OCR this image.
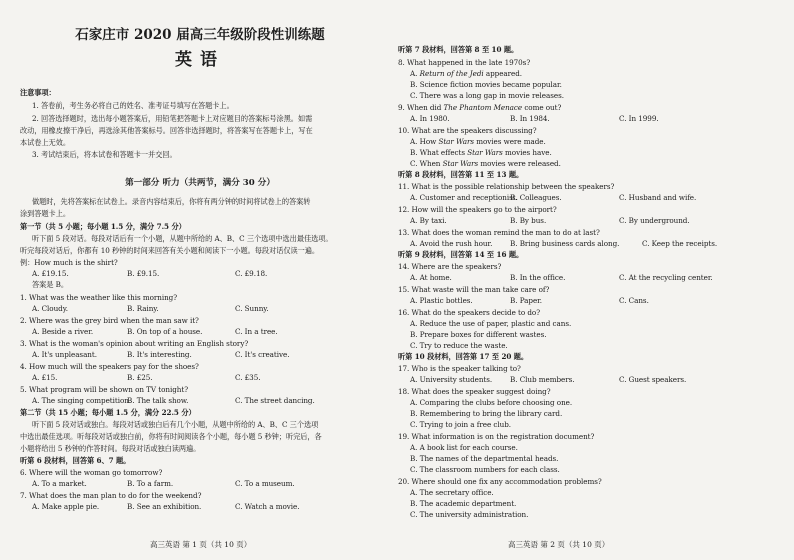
石家庄市 2020 届高三年级阶段性训练题
英语
注意事项：
1. 答卷前，考生务必将自己的姓名、准考证号填写在答题卡上。
2. 回答选择题时，选出每小题答案后，用铅笔把答题卡上对应题目的答案标号涂黑。如需
改动，用橡皮擦干净后，再选涂其他答案标号。回答非选择题时，将答案写在答题卡上，写在
本试卷上无效。
3. 考试结束后，将本试卷和答题卡一并交回。
第一部分 听力（共两节，满分 30 分）
做题时，先将答案标在试卷上。录音内容结束后，你将有两分钟的时间将试卷上的答案转
涂到答题卡上。
第一节（共 5 小题；每小题 1.5 分，满分 7.5 分）
听下面 5 段对话。每段对话后有一个小题，从题中所给的 A、B、C 三个选项中选出最佳选项。
听完每段对话后，你都有 10 秒钟的时间来回答有关小题和阅读下一小题。每段对话仅读一遍。
例：How much is the shirt?
A. £19.15.	B. £9.15.	C. £9.18.
答案是 B。
1. What was the weather like this morning?
A. Cloudy.	B. Rainy.	C. Sunny.
2. Where was the grey bird when the man saw it?
A. Beside a river.	B. On top of a house.	C. In a tree.
3. What is the woman's opinion about writing an English story?
A. It's unpleasant.	B. It's interesting.	C. It's creative.
4. How much will the speakers pay for the shoes?
A. £15.	B. £25.	C. £35.
5. What program will be shown on TV tonight?
A. The singing competition.
B. The talk show.	C. The street dancing.
第二节（共 15 小题；每小题 1.5 分，满分 22.5 分）
听下面 5 段对话或独白。每段对话或独白后有几个小题，从题中所给的 A、B、C 三个选项
中选出最佳选项。听每段对话或独白前，你将有时间阅读各个小题，每小题 5 秒钟；听完后，各
小题将给出 5 秒钟的作答时间。每段对话或独白读两遍。
听第 6 段材料，回答第 6、7 题。
6. Where will the woman go tomorrow?
A. To a market.	B. To a farm.	C. To a museum.
7. What does the man plan to do for the weekend?
A. Make apple pie.	B. See an exhibition.	C. Watch a movie.
高三英语 第 1 页（共 10 页）
听第 7 段材料，回答第 8 至 10 题。
8. What happened in the late 1970s?
A. Return of the Jedi appeared.
B. Science fiction movies became popular.
C. There was a long gap in movie releases.
9. When did The Phantom Menace come out?
A. In 1980.	B. In 1984.	C. In 1999.
10. What are the speakers discussing?
A. How Star Wars movies were made.
B. What effects Star Wars movies have.
C. When Star Wars movies were released.
听第 8 段材料，回答第 11 至 13 题。
11. What is the possible relationship between the speakers?
A. Customer and receptionist.
B. Colleagues.	C. Husband and wife.
12. How will the speakers go to the airport?
A. By taxi.	B. By bus.	C. By underground.
13. What does the woman remind the man to do at last?
A. Avoid the rush hour. B. Bring business cards along.	C. Keep the receipts.
听第 9 段材料，回答第 14 至 16 题。
14. Where are the speakers?
A. At home.	B. In the office.	C. At the recycling center.
15. What waste will the man take care of?
A. Plastic bottles.	B. Paper.	C. Cans.
16. What do the speakers decide to do?
A. Reduce the use of paper, plastic and cans.
B. Prepare boxes for different wastes.
C. Try to reduce the waste.
听第 10 段材料，回答第 17 至 20 题。
17. Who is the speaker talking to?
A. University students. B. Club members.	C. Guest speakers.
18. What does the speaker suggest doing?
A. Comparing the clubs before choosing one.
B. Remembering to bring the library card.
C. Trying to join a free club.
19. What information is on the registration document?
A. A book list for each course.
B. The names of the departmental heads.
C. The classroom numbers for each class.
20. Where should one fix any accommodation problems?
A. The secretary office.
B. The academic department.
C. The university administration.
高三英语 第 2 页（共 10 页）
